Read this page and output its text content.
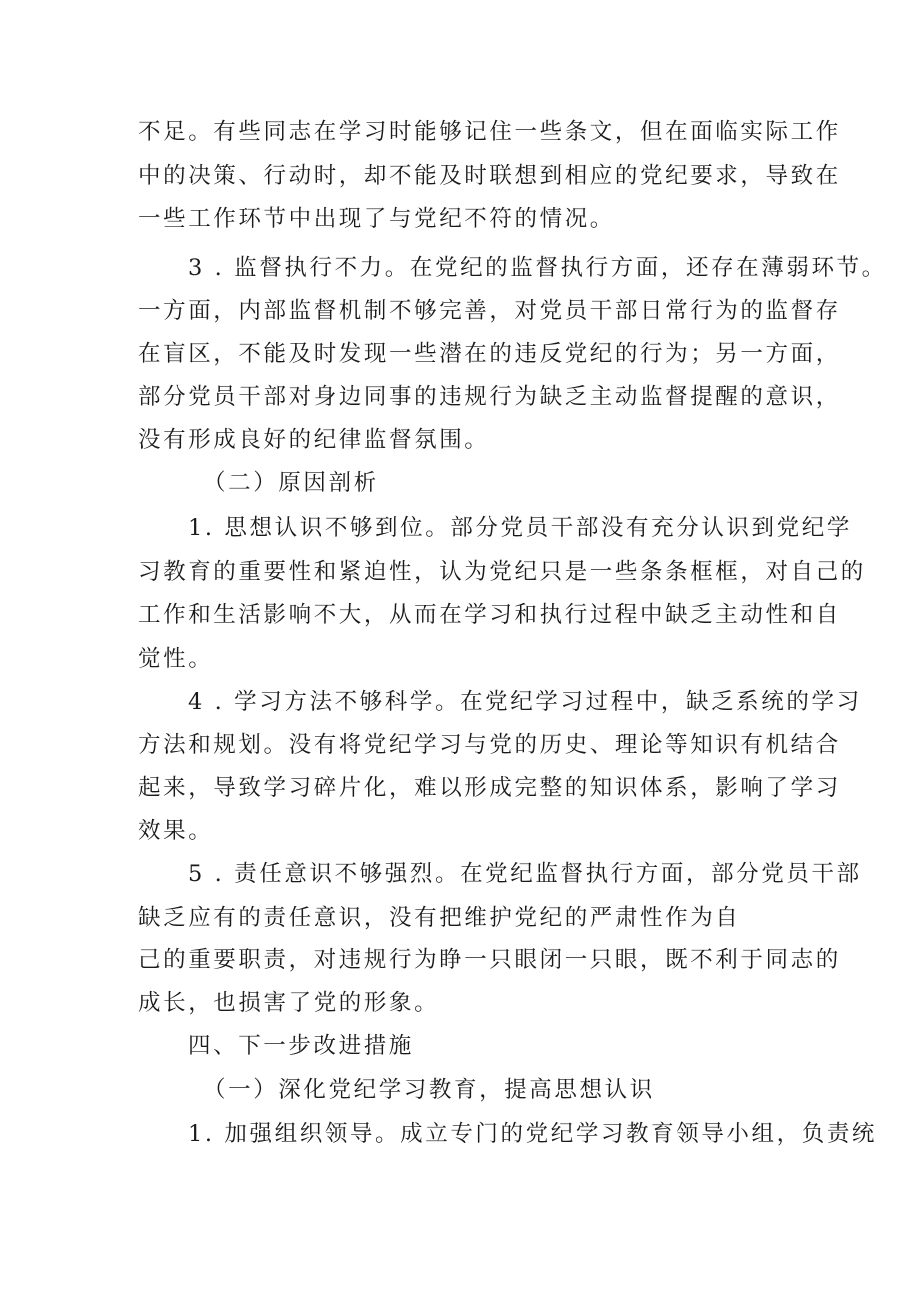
不足。有些同志在学习时能够记住一些条文，但在面临实际工作
中的决策、行动时，却不能及时联想到相应的党纪要求，导致在
一些工作环节中出现了与党纪不符的情况。
3 . 监督执行不力。在党纪的监督执行方面，还存在薄弱环节。
一方面，内部监督机制不够完善，对党员干部日常行为的监督存
在盲区，不能及时发现一些潜在的违反党纪的行为；另一方面，
部分党员干部对身边同事的违规行为缺乏主动监督提醒的意识，
没有形成良好的纪律监督氛围。
（二）原因剖析
1. 思想认识不够到位。部分党员干部没有充分认识到党纪学
习教育的重要性和紧迫性，认为党纪只是一些条条框框，对自己的
工作和生活影响不大，从而在学习和执行过程中缺乏主动性和自
觉性。
4 . 学习方法不够科学。在党纪学习过程中，缺乏系统的学习
方法和规划。没有将党纪学习与党的历史、理论等知识有机结合
起来，导致学习碎片化，难以形成完整的知识体系，影响了学习
效果。
5 . 责任意识不够强烈。在党纪监督执行方面，部分党员干部
缺乏应有的责任意识，没有把维护党纪的严肃性作为自
己的重要职责，对违规行为睁一只眼闭一只眼，既不利于同志的
成长，也损害了党的形象。
四、下一步改进措施
（一）深化党纪学习教育，提高思想认识
1. 加强组织领导。成立专门的党纪学习教育领导小组，负责统
